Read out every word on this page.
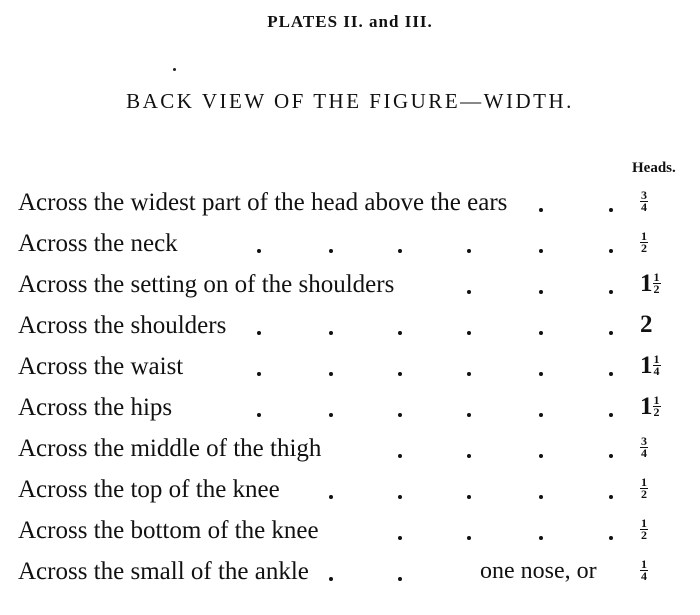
PLATES II. and III.
BACK VIEW OF THE FIGURE—WIDTH.
Heads.
Across the widest part of the head above the ears	$\frac{3}{4}$
Across the neck	$\frac{1}{2}$
Across the setting on of the shoulders	$1 \frac{1}{2}$
Across the shoulders	2
Across the waist	$1 \frac{1}{4}$
Across the hips	$1 \frac{1}{2}$
Across the middle of the thigh	$\frac{3}{4}$
Across the top of the knee	$\frac{1}{2}$
Across the bottom of the knee	$\frac{1}{2}$
Across the small of the ankle	one nose, or	$\frac{1}{4}$
